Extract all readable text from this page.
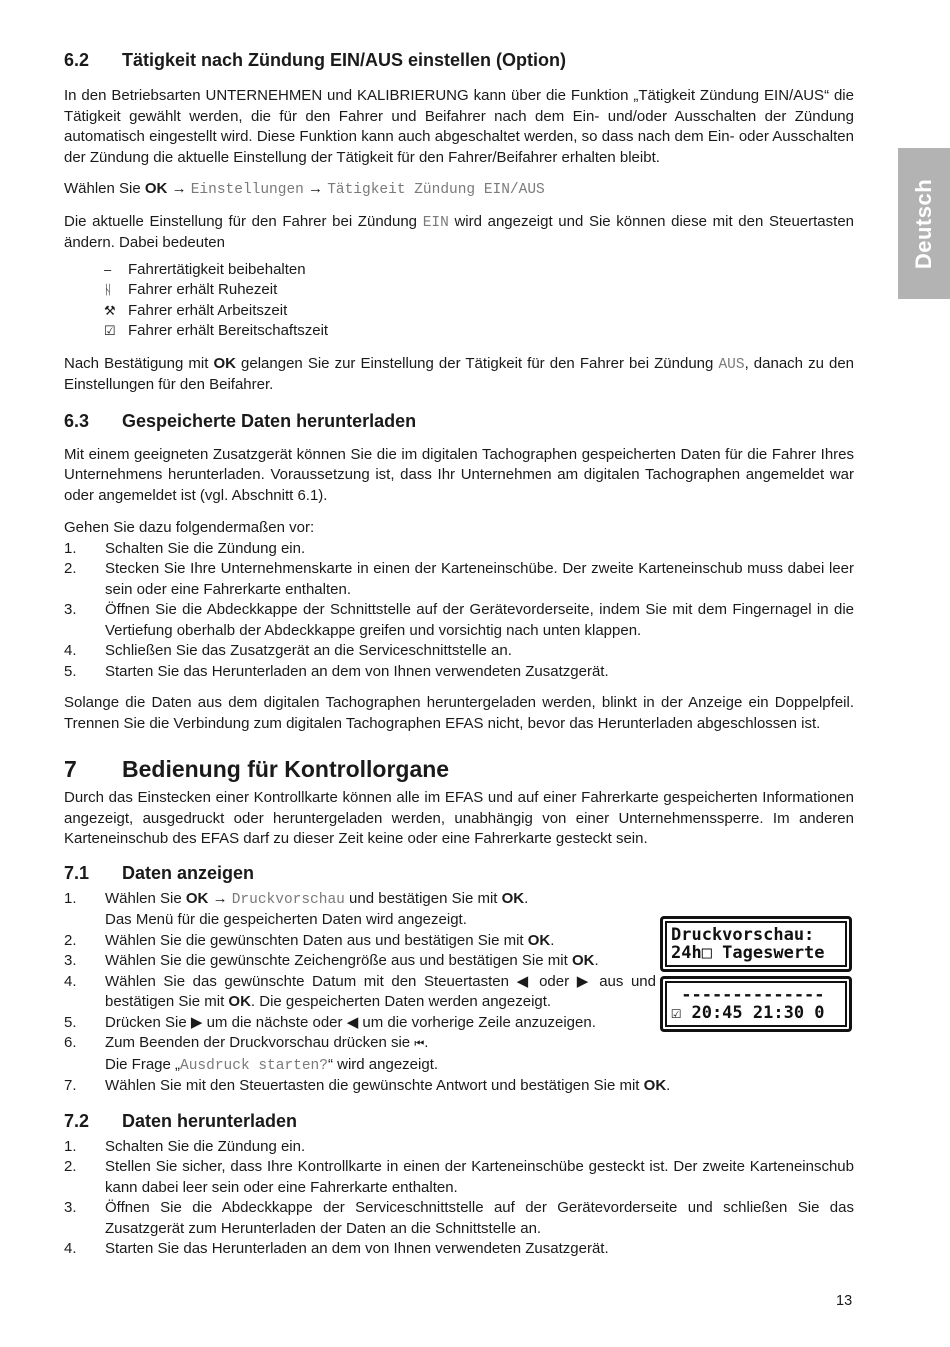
Deutsch
6.2	Tätigkeit nach Zündung EIN/AUS einstellen (Option)

In den Betriebsarten UNTERNEHMEN und KALIBRIERUNG kann über die Funktion „Tätigkeit Zündung EIN/AUS“ die Tätigkeit gewählt werden, die für den Fahrer und Beifahrer nach dem Ein- und/oder Ausschalten der Zündung automatisch eingestellt wird. Diese Funktion kann auch abgeschaltet werden, so dass nach dem Ein- oder Ausschalten der Zündung die aktuelle Einstellung der Tätigkeit für den Fahrer/Beifahrer erhalten bleibt.

Wählen Sie OK → Einstellungen → Tätigkeit Zündung EIN/AUS

Die aktuelle Einstellung für den Fahrer bei Zündung EIN wird angezeigt und Sie können diese mit den Steuertasten ändern. Dabei bedeuten

–	Fahrertätigkeit beibehalten
ᚺ	Fahrer erhält Ruhezeit
⚒ Fahrer erhält Arbeitszeit
☑ Fahrer erhält Bereitschaftszeit

Nach Bestätigung mit OK gelangen Sie zur Einstellung der Tätigkeit für den Fahrer bei Zündung AUS, danach zu den Einstellungen für den Beifahrer.

6.3	Gespeicherte Daten herunterladen

Mit einem geeigneten Zusatzgerät können Sie die im digitalen Tachographen gespeicherten Daten für die Fahrer Ihres Unternehmens herunterladen. Voraussetzung ist, dass Ihr Unternehmen am digitalen Tachographen angemeldet war oder angemeldet ist (vgl. Abschnitt 6.1).

Gehen Sie dazu folgendermaßen vor:

1.	Schalten Sie die Zündung ein.
2.	Stecken Sie Ihre Unternehmenskarte in einen der Karteneinschübe. Der zweite Karteneinschub muss dabei leer sein oder eine Fahrerkarte enthalten.
3.	Öffnen Sie die Abdeckkappe der Schnittstelle auf der Gerätevorderseite, indem Sie mit dem Fingernagel in die Vertiefung oberhalb der Abdeckkappe greifen und vorsichtig nach unten klappen.
4.	Schließen Sie das Zusatzgerät an die Serviceschnittstelle an.
5.	Starten Sie das Herunterladen an dem von Ihnen verwendeten Zusatzgerät.

Solange die Daten aus dem digitalen Tachographen heruntergeladen werden, blinkt in der Anzeige ein Doppelpfeil. Trennen Sie die Verbindung zum digitalen Tachographen EFAS nicht, bevor das Herunterladen abgeschlossen ist.

7	Bedienung für Kontrollorgane

Durch das Einstecken einer Kontrollkarte können alle im EFAS und auf einer Fahrerkarte gespeicherten Informationen angezeigt, ausgedruckt oder heruntergeladen werden, unabhängig von einer Unternehmenssperre. Im anderen Karteneinschub des EFAS darf zu dieser Zeit keine oder eine Fahrerkarte gesteckt sein.

7.1	Daten anzeigen
1.	Wählen Sie OK → Druckvorschau und bestätigen Sie mit OK.
Das Menü für die gespeicherten Daten wird angezeigt.
2.	Wählen Sie die gewünschten Daten aus und bestätigen Sie mit OK.
3.	Wählen Sie die gewünschte Zeichengröße aus und bestätigen Sie mit OK.
4.	Wählen Sie das gewünschte Datum mit den Steuertasten ◀ oder ▶ aus und bestätigen Sie mit OK. Die gespeicherten Daten werden angezeigt.
5.	Drücken Sie ▶ um die nächste oder ◀ um die vorherige Zeile anzuzeigen.
6.	Zum Beenden der Druckvorschau drücken sie ⏮.
Die Frage „Ausdruck starten?“ wird angezeigt.
7.	Wählen Sie mit den Steuertasten die gewünschte Antwort und bestätigen Sie mit OK.
7.2	Daten herunterladen
1.	Schalten Sie die Zündung ein.
2.	Stellen Sie sicher, dass Ihre Kontrollkarte in einen der Karteneinschübe gesteckt ist. Der zweite Karteneinschub kann dabei leer sein oder eine Fahrerkarte enthalten.
3.	Öffnen Sie die Abdeckkappe der Serviceschnittstelle auf der Gerätevorderseite und schließen Sie das Zusatzgerät zum Herunterladen der Daten an die Schnittstelle an.
4.	Starten Sie das Herunterladen an dem von Ihnen verwendeten Zusatzgerät.
Druckvorschau:
24h□ Tageswerte
--------------
☑ 20:45 21:30 0
13
